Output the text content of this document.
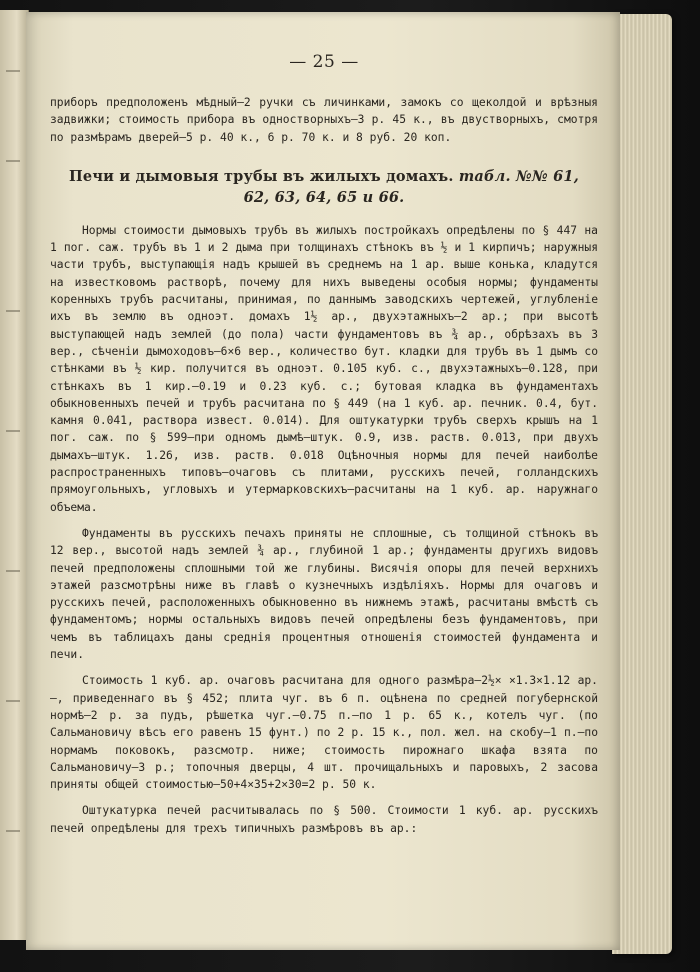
— 25 —

приборъ предположенъ мѣдный—2 ручки съ личинками, замокъ со щеколдой и врѣзныя задвижки; стоимость прибора въ одностворныхъ—3 р. 45 к., въ двустворныхъ, смотря по размѣрамъ дверей—5 р. 40 к., 6 р. 70 к. и 8 руб. 20 коп.

Печи и дымовыя трубы въ жилыхъ домахъ. табл. №№ 61, 62, 63, 64, 65 и 66.

Нормы стоимости дымовыхъ трубъ въ жилыхъ постройкахъ опредѣлены по § 447 на 1 пог. саж. трубъ въ 1 и 2 дыма при толщинахъ стѣнокъ въ ½ и 1 кирпичъ; наружныя части трубъ, выступающія надъ крышей въ среднемъ на 1 ар. выше конька, кладутся на известковомъ растворѣ, почему для нихъ выведены особыя нормы; фундаменты коренныхъ трубъ расчитаны, принимая, по даннымъ заводскихъ чертежей, углубленіе ихъ въ землю въ одноэт. домахъ 1½ ар., двухэтажныхъ—2 ар.; при высотѣ выступающей надъ землей (до пола) части фундаментовъ въ ¾ ар., обрѣзахъ въ 3 вер., сѣченіи дымоходовъ—6×6 вер., количество бут. кладки для трубъ въ 1 дымъ со стѣнками въ ½ кир. получится въ одноэт. 0.105 куб. с., двухэтажныхъ—0.128, при стѣнкахъ въ 1 кир.—0.19 и 0.23 куб. с.; бутовая кладка въ фундаментахъ обыкновенныхъ печей и трубъ расчитана по § 449 (на 1 куб. ар. печник. 0.4, бут. камня 0.041, раствора извест. 0.014). Для оштукатурки трубъ сверхъ крышъ на 1 пог. саж. по § 599—при одномъ дымѣ—штук. 0.9, изв. раств. 0.013, при двухъ дымахъ—штук. 1.26, изв. раств. 0.018 Оцѣночныя нормы для печей наиболѣе распространенныхъ типовъ—очаговъ съ плитами, русскихъ печей, голландскихъ прямоугольныхъ, угловыхъ и утермарковскихъ—расчитаны на 1 куб. ар. наружнаго объема.

Фундаменты въ русскихъ печахъ приняты не сплошные, съ толщиной стѣнокъ въ 12 вер., высотой надъ землей ¾ ар., глубиной 1 ар.; фундаменты другихъ видовъ печей предположены сплошными той же глубины. Висячія опоры для печей верхнихъ этажей разсмотрѣны ниже въ главѣ о кузнечныхъ издѣліяхъ. Нормы для очаговъ и русскихъ печей, расположенныхъ обыкновенно въ нижнемъ этажѣ, расчитаны вмѣстѣ съ фундаментомъ; нормы остальныхъ видовъ печей опредѣлены безъ фундаментовъ, при чемъ въ таблицахъ даны среднія процентныя отношенія стоимостей фундамента и печи.

Стоимость 1 куб. ар. очаговъ расчитана для одного размѣра—2½× ×1.3×1.12 ар.—, приведеннаго въ § 452; плита чуг. въ 6 п. оцѣнена по средней погубернской нормѣ—2 р. за пудъ, рѣшетка чуг.—0.75 п.—по 1 р. 65 к., котелъ чуг. (по Сальмановичу вѣсъ его равенъ 15 фунт.) по 2 р. 15 к., пол. жел. на скобу—1 п.—по нормамъ поковокъ, разсмотр. ниже; стоимость пирожнаго шкафа взята по Сальмановичу—3 р.; топочныя дверцы, 4 шт. прочищальныхъ и паровыхъ, 2 засова приняты общей стоимостью—50+4×35+2×30=2 р. 50 к.

Оштукатурка печей расчитывалась по § 500. Стоимости 1 куб. ар. русскихъ печей опредѣлены для трехъ типичныхъ размѣровъ въ ар.:
